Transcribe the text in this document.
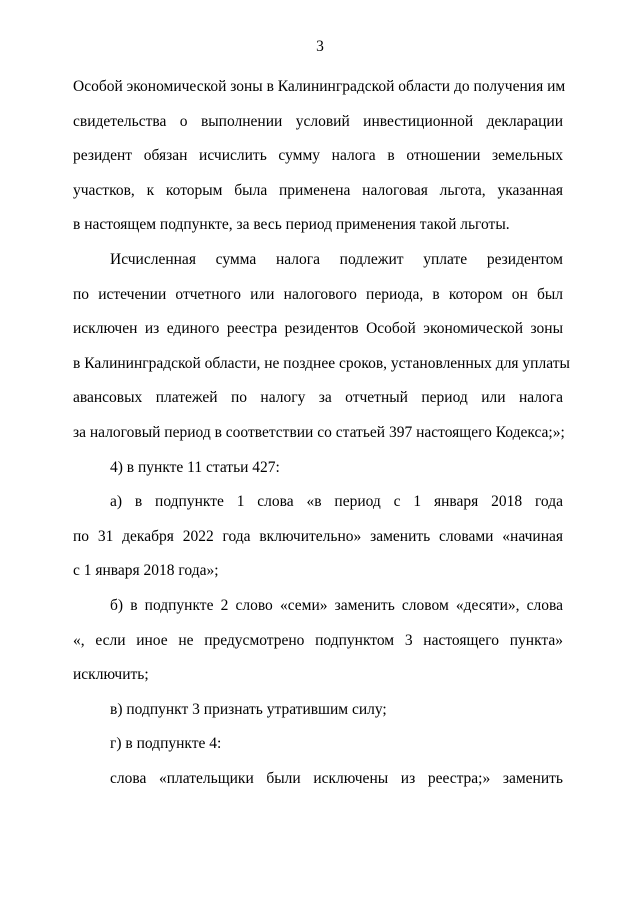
3
Особой экономической зоны в Калининградской области до получения им
свидетельства о выполнении условий инвестиционной декларации
резидент обязан исчислить сумму налога в отношении земельных
участков, к которым была применена налоговая льгота, указанная
в настоящем подпункте, за весь период применения такой льготы.
Исчисленная сумма налога подлежит уплате резидентом
по истечении отчетного или налогового периода, в котором он был
исключен из единого реестра резидентов Особой экономической зоны
в Калининградской области, не позднее сроков, установленных для уплаты
авансовых платежей по налогу за отчетный период или налога
за налоговый период в соответствии со статьей 397 настоящего Кодекса;»;
4) в пункте 11 статьи 427:
а) в подпункте 1 слова «в период с 1 января 2018 года
по 31 декабря 2022 года включительно» заменить словами «начиная
с 1 января 2018 года»;
б) в подпункте 2 слово «семи» заменить словом «десяти», слова
«, если иное не предусмотрено подпунктом 3 настоящего пункта»
исключить;
в) подпункт 3 признать утратившим силу;
г) в подпункте 4:
слова «плательщики были исключены из реестра;» заменить
